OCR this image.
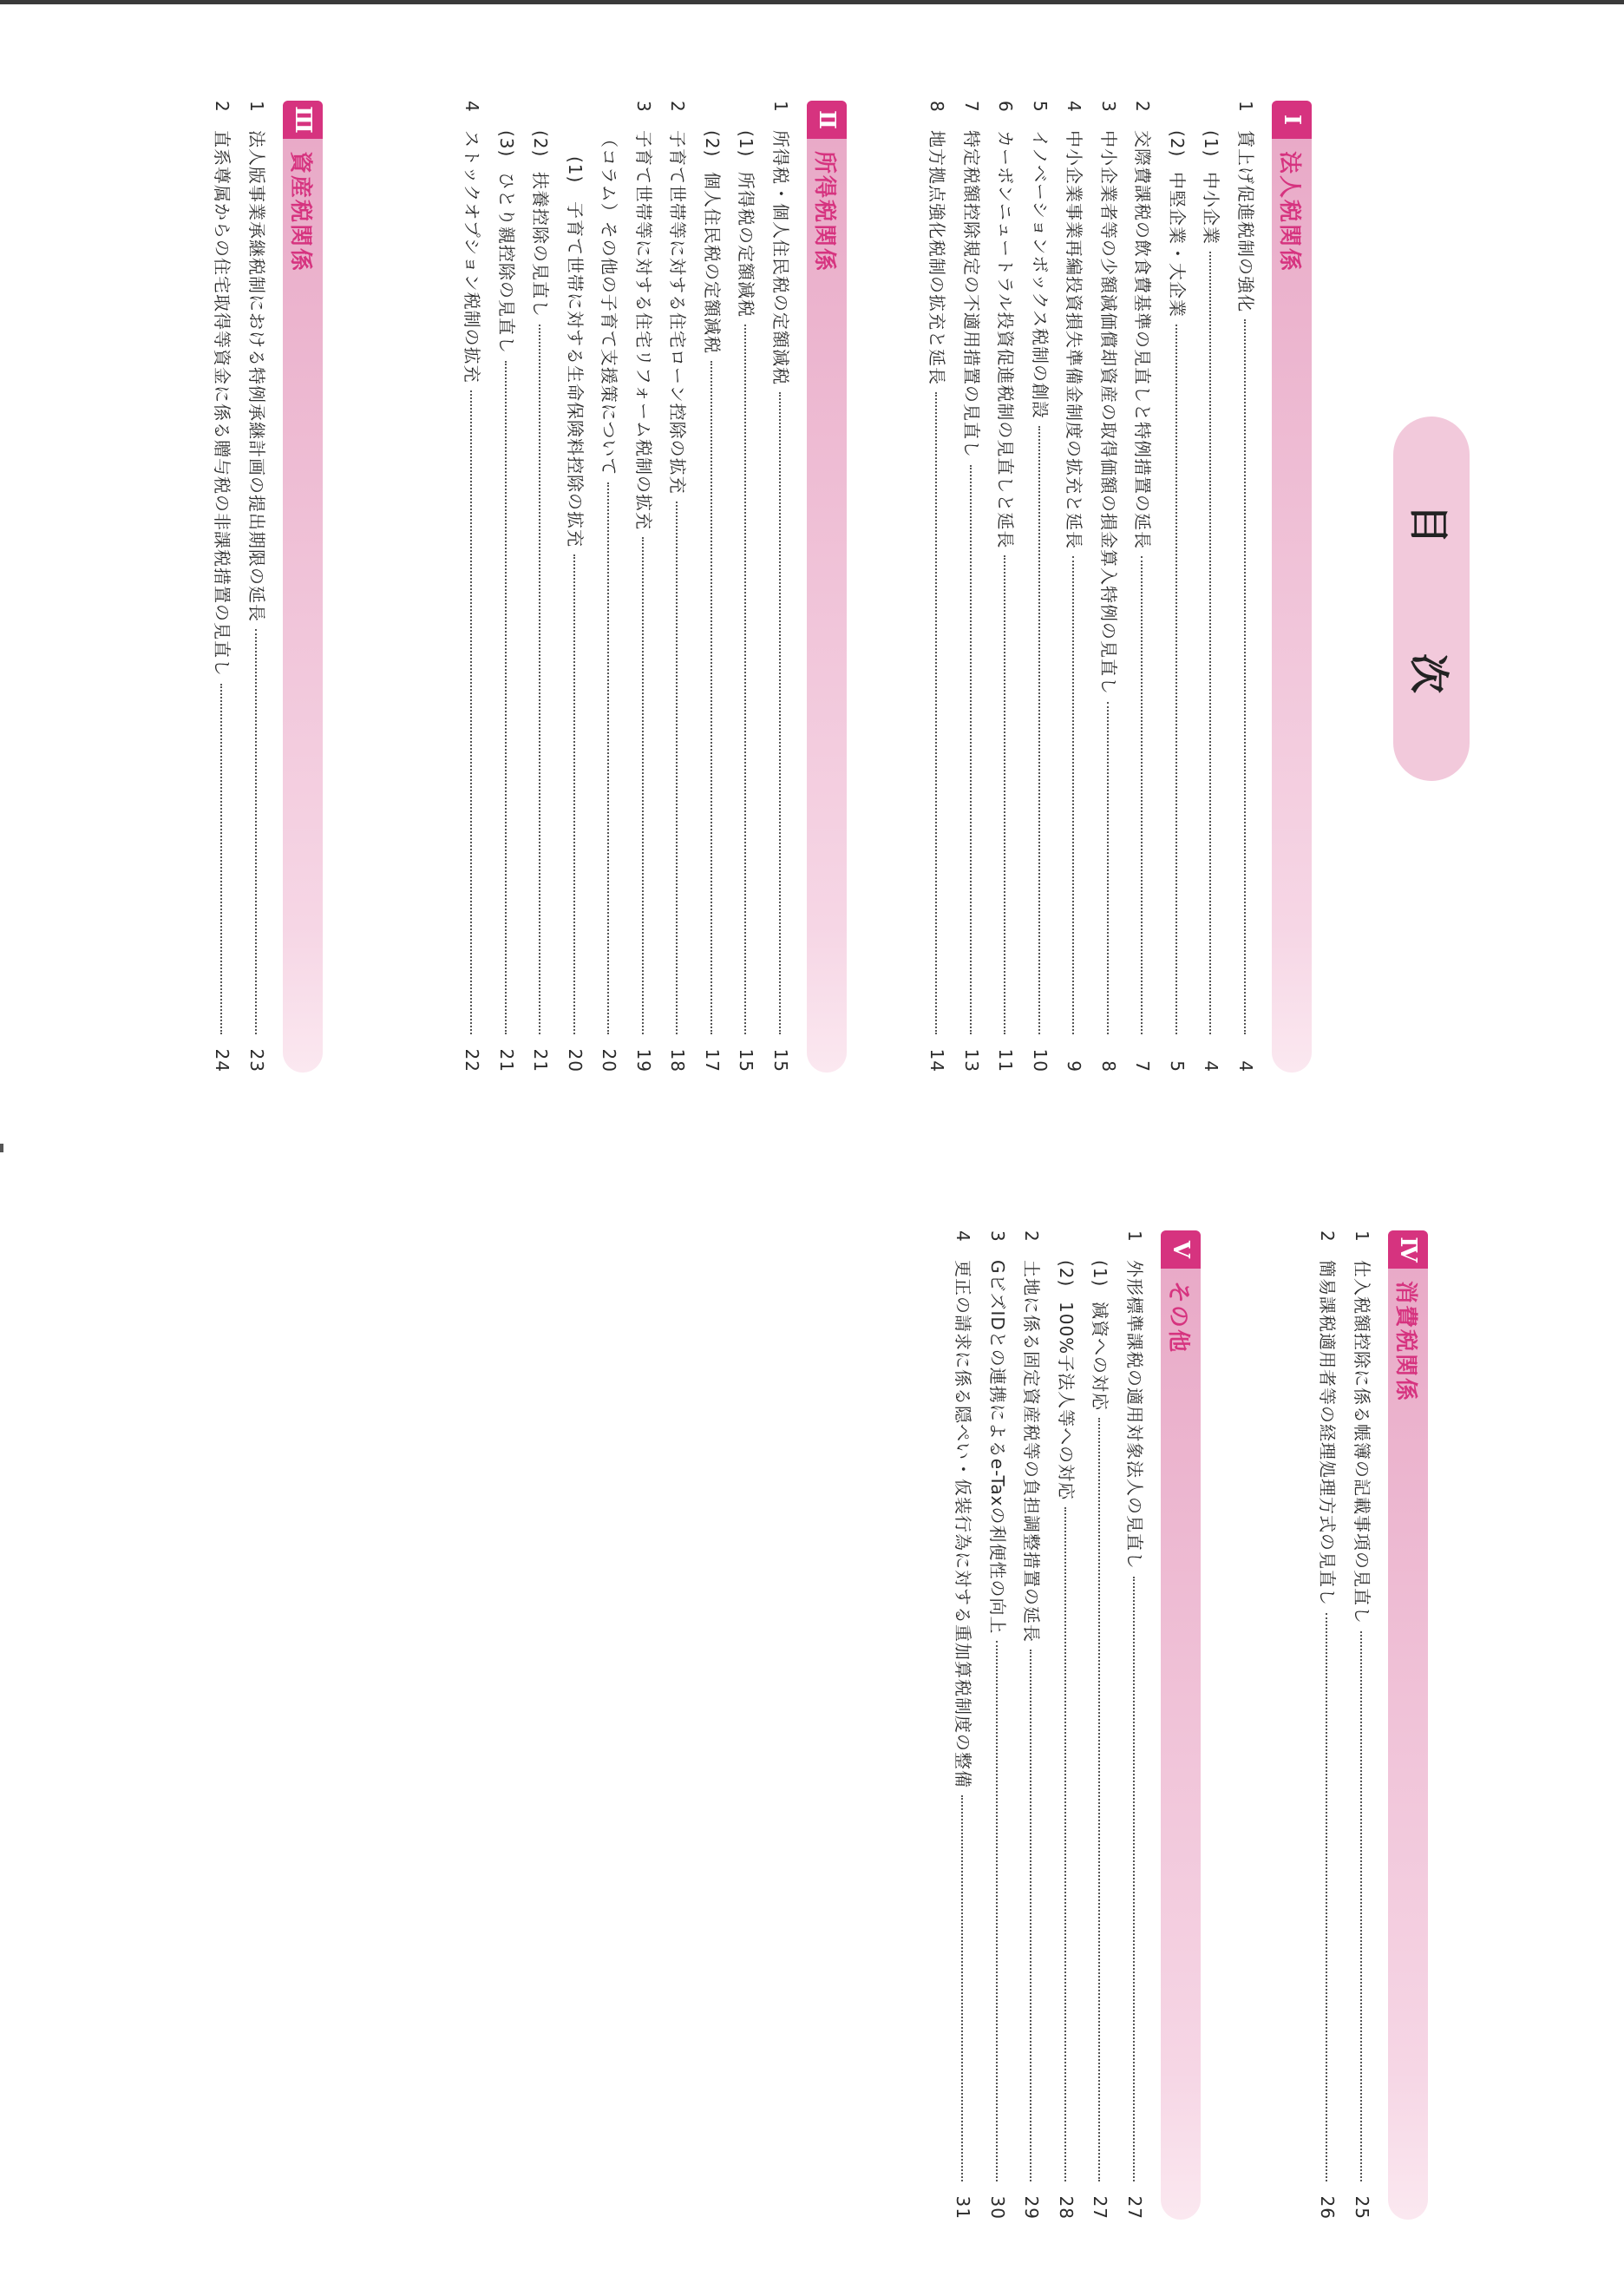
目　次
Ⅰ
法人税関係
1
賃上げ促進税制の強化
4
(1)
中小企業
4
(2)
中堅企業・大企業
5
2
交際費課税の飲食費基準の見直しと特例措置の延長
7
3
中小企業者等の少額減価償却資産の取得価額の損金算入特例の見直し
8
4
中小企業事業再編投資損失準備金制度の拡充と延長
9
5
イノベーションボックス税制の創設
10
6
カーボンニュートラル投資促進税制の見直しと延長
11
7
特定税額控除規定の不適用措置の見直し
13
8
地方拠点強化税制の拡充と延長
14
Ⅱ
所得税関係
1
所得税・個人住民税の定額減税
15
(1)
所得税の定額減税
15
(2)
個人住民税の定額減税
17
2
子育て世帯等に対する住宅ローン控除の拡充
18
3
子育て世帯等に対する住宅リフォーム税制の拡充
19
（コラム）その他の子育て支援策について
20
(1)
子育て世帯に対する生命保険料控除の拡充
20
(2)
扶養控除の見直し
21
(3)
ひとり親控除の見直し
21
4
ストックオプション税制の拡充
22
Ⅲ
資産税関係
1
法人版事業承継税制における特例承継計画の提出期限の延長
23
2
直系尊属からの住宅取得等資金に係る贈与税の非課税措置の見直し
24
Ⅳ
消費税関係
1
仕入税額控除に係る帳簿の記載事項の見直し
25
2
簡易課税適用者等の経理処理方式の見直し
26
Ⅴ
その他
1
外形標準課税の適用対象法人の見直し
27
(1)
減資への対応
27
(2)
100%子法人等への対応
28
2
土地に係る固定資産税等の負担調整措置の延長
29
3
GビズIDとの連携によるe-Taxの利便性の向上
30
4
更正の請求に係る隠ぺい・仮装行為に対する重加算税制度の整備
31
